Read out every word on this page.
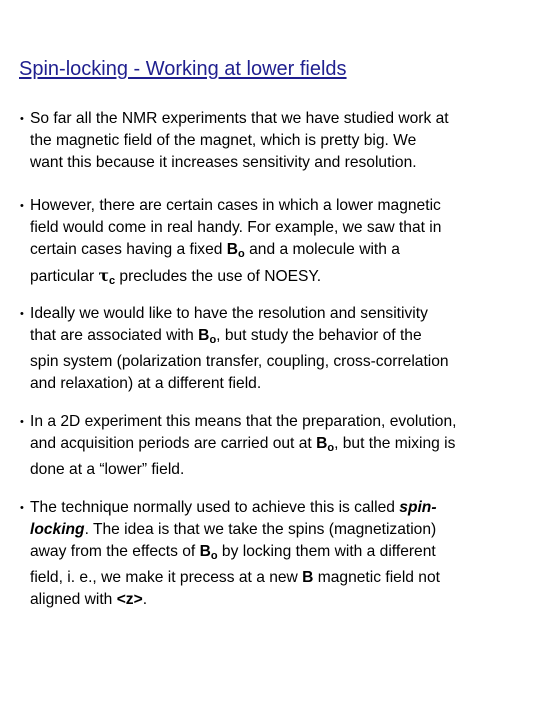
Spin-locking - Working at lower fields
• So far all the NMR experiments that we have studied work at
the magnetic field of the magnet, which is pretty big. We
want this because it increases sensitivity and resolution.
• However, there are certain cases in which a lower magnetic
field would come in real handy. For example, we saw that in
certain cases having a fixed $B_o$ and a molecule with a
particular $\tau_c$ precludes the use of NOESY.
• Ideally we would like to have the resolution and sensitivity
that are associated with $B_o$, but study the behavior of the
spin system (polarization transfer, coupling, cross-correlation
and relaxation) at a different field.
• In a 2D experiment this means that the preparation, evolution,
and acquisition periods are carried out at $B_o$, but the mixing is
done at a “lower” field.
• The technique normally used to achieve this is called spin-
locking. The idea is that we take the spins (magnetization)
away from the effects of $B_o$ by locking them with a different
field, i. e., we make it precess at a new B magnetic field not
aligned with <z>.
